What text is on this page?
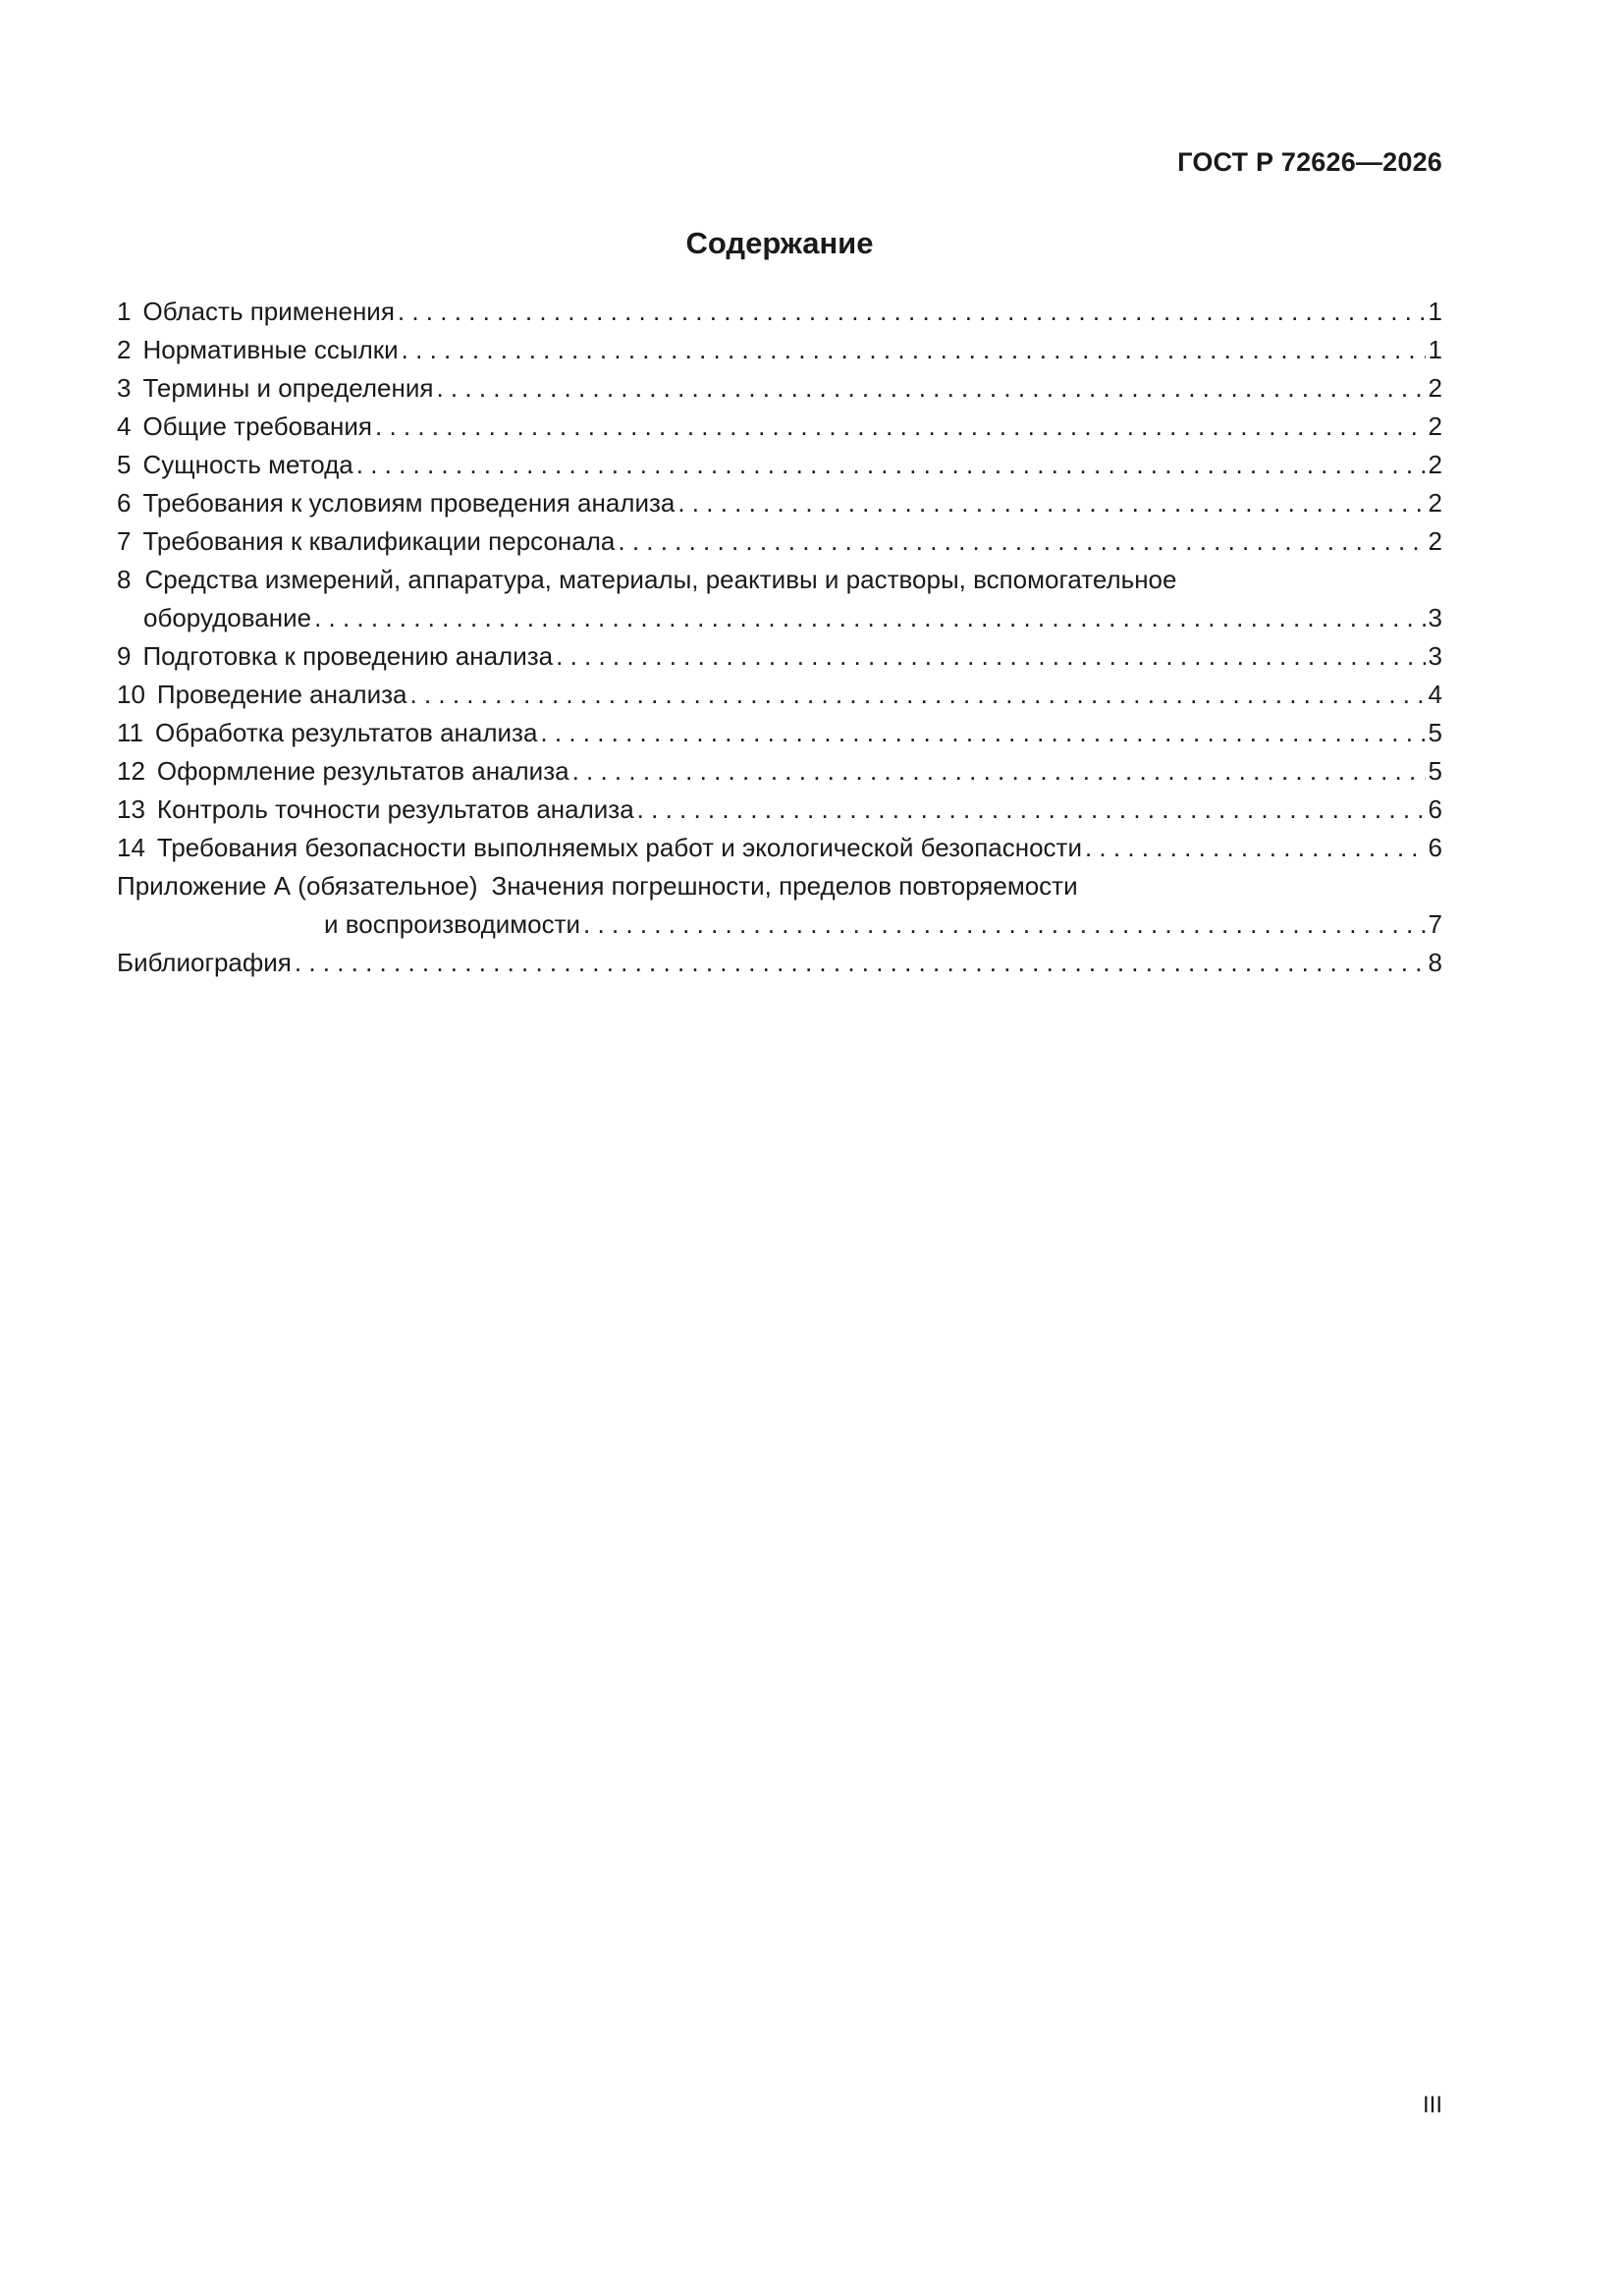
ГОСТ Р 72626—2026
Содержание
1 Область применения . . .	1
2 Нормативные ссылки . . .	1
3 Термины и определения . . .	2
4 Общие требования . . .	2
5 Сущность метода . . .	2
6 Требования к условиям проведения анализа . . .	2
7 Требования к квалификации персонала . . .	2
8 Средства измерений, аппаратура, материалы, реактивы и растворы, вспомогательное
оборудование . . .	3
9 Подготовка к проведению анализа . . .	3
10 Проведение анализа . . .	4
11 Обработка результатов анализа . . .	5
12 Оформление результатов анализа . . .	5
13 Контроль точности результатов анализа . . .	6
14 Требования безопасности выполняемых работ и экологической безопасности . . .	6
Приложение А (обязательное) Значения погрешности, пределов повторяемости
и воспроизводимости . . .	7
Библиография . . .	8
III
